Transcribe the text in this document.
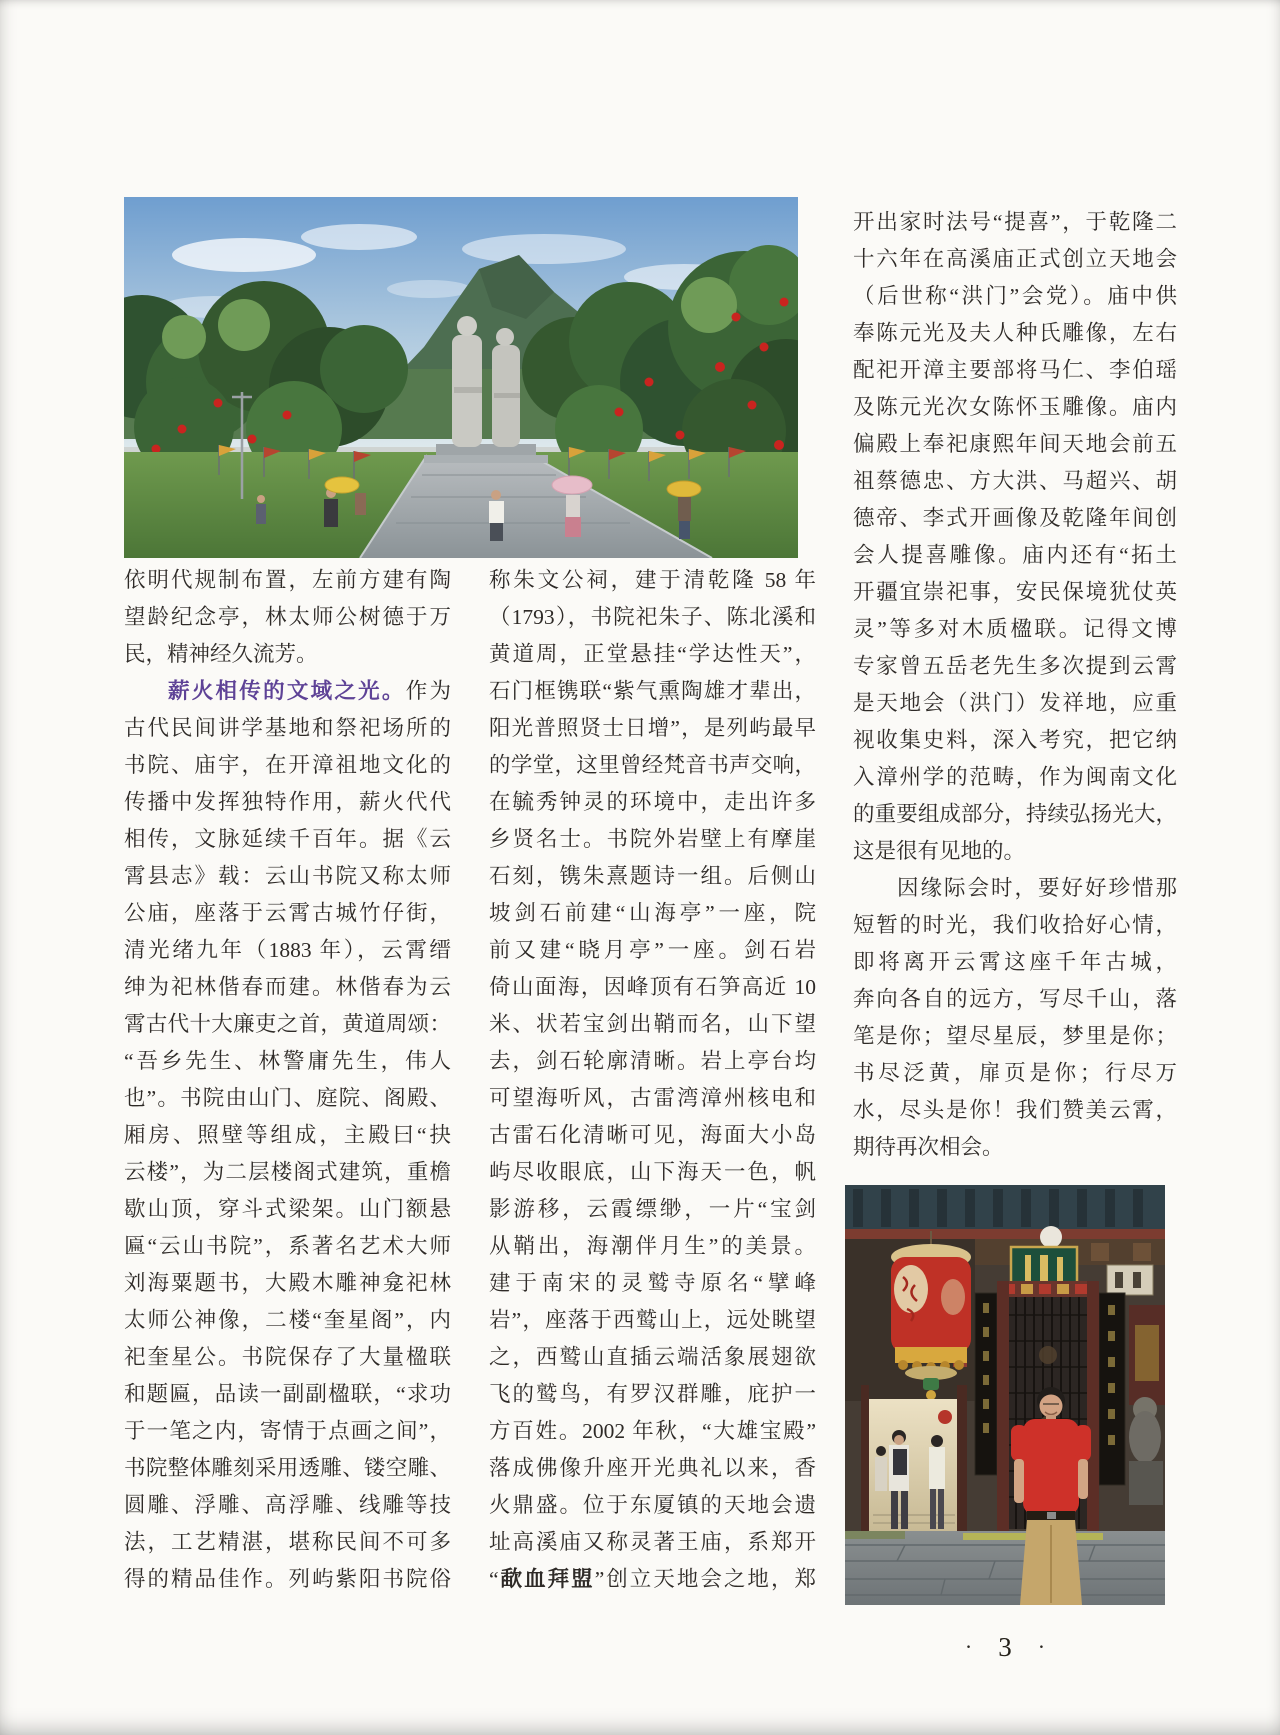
依明代规制布置，左前方建有陶
望龄纪念亭，林太师公树德于万
民，精神经久流芳。
薪火相传的文域之光。作为
古代民间讲学基地和祭祀场所的
书院、庙宇，在开漳祖地文化的
传播中发挥独特作用，薪火代代
相传，文脉延续千百年。据《云
霄县志》载：云山书院又称太师
公庙，座落于云霄古城竹仔街，
清光绪九年（1883 年），云霄缙
绅为祀林偕春而建。林偕春为云
霄古代十大廉吏之首，黄道周颂：
“吾乡先生、林警庸先生，伟人
也”。书院由山门、庭院、阁殿、
厢房、照壁等组成，主殿曰“抉
云楼”，为二层楼阁式建筑，重檐
歇山顶，穿斗式梁架。山门额悬
匾“云山书院”，系著名艺术大师
刘海粟题书，大殿木雕神龛祀林
太师公神像，二楼“奎星阁”，内
祀奎星公。书院保存了大量楹联
和题匾，品读一副副楹联，“求功
于一笔之内，寄情于点画之间”，
书院整体雕刻采用透雕、镂空雕、
圆雕、浮雕、高浮雕、线雕等技
法，工艺精湛，堪称民间不可多
得的精品佳作。列屿紫阳书院俗
称朱文公祠，建于清乾隆 58 年
（1793），书院祀朱子、陈北溪和
黄道周，正堂悬挂“学达性天”，
石门框镌联“紫气熏陶雄才辈出，
阳光普照贤士日增”，是列屿最早
的学堂，这里曾经梵音书声交响，
在毓秀钟灵的环境中，走出许多
乡贤名士。书院外岩壁上有摩崖
石刻，镌朱熹题诗一组。后侧山
坡剑石前建“山海亭”一座，院
前又建“晓月亭”一座。剑石岩
倚山面海，因峰顶有石笋高近 10
米、状若宝剑出鞘而名，山下望
去，剑石轮廓清晰。岩上亭台均
可望海听风，古雷湾漳州核电和
古雷石化清晰可见，海面大小岛
屿尽收眼底，山下海天一色，帆
影游移，云霞缥缈，一片“宝剑
从鞘出，海潮伴月生”的美景。
建于南宋的灵鹫寺原名“擘峰
岩”，座落于西鹫山上，远处眺望
之，西鹫山直插云端活象展翅欲
飞的鹫鸟，有罗汉群雕，庇护一
方百姓。2002 年秋，“大雄宝殿”
落成佛像升座开光典礼以来，香
火鼎盛。位于东厦镇的天地会遗
址高溪庙又称灵著王庙，系郑开
“歃血拜盟”创立天地会之地，郑
开出家时法号“提喜”，于乾隆二
十六年在高溪庙正式创立天地会
（后世称“洪门”会党）。庙中供
奉陈元光及夫人种氏雕像，左右
配祀开漳主要部将马仁、李伯瑶
及陈元光次女陈怀玉雕像。庙内
偏殿上奉祀康熙年间天地会前五
祖蔡德忠、方大洪、马超兴、胡
德帝、李式开画像及乾隆年间创
会人提喜雕像。庙内还有“拓土
开疆宜崇祀事，安民保境犹仗英
灵”等多对木质楹联。记得文博
专家曾五岳老先生多次提到云霄
是天地会（洪门）发祥地，应重
视收集史料，深入考究，把它纳
入漳州学的范畴，作为闽南文化
的重要组成部分，持续弘扬光大，
这是很有见地的。
因缘际会时，要好好珍惜那
短暂的时光，我们收拾好心情，
即将离开云霄这座千年古城，
奔向各自的远方，写尽千山，落
笔是你；望尽星辰，梦里是你；
书尽泛黄，扉页是你；行尽万
水，尽头是你！我们赞美云霄，
期待再次相会。
· 3 ·
